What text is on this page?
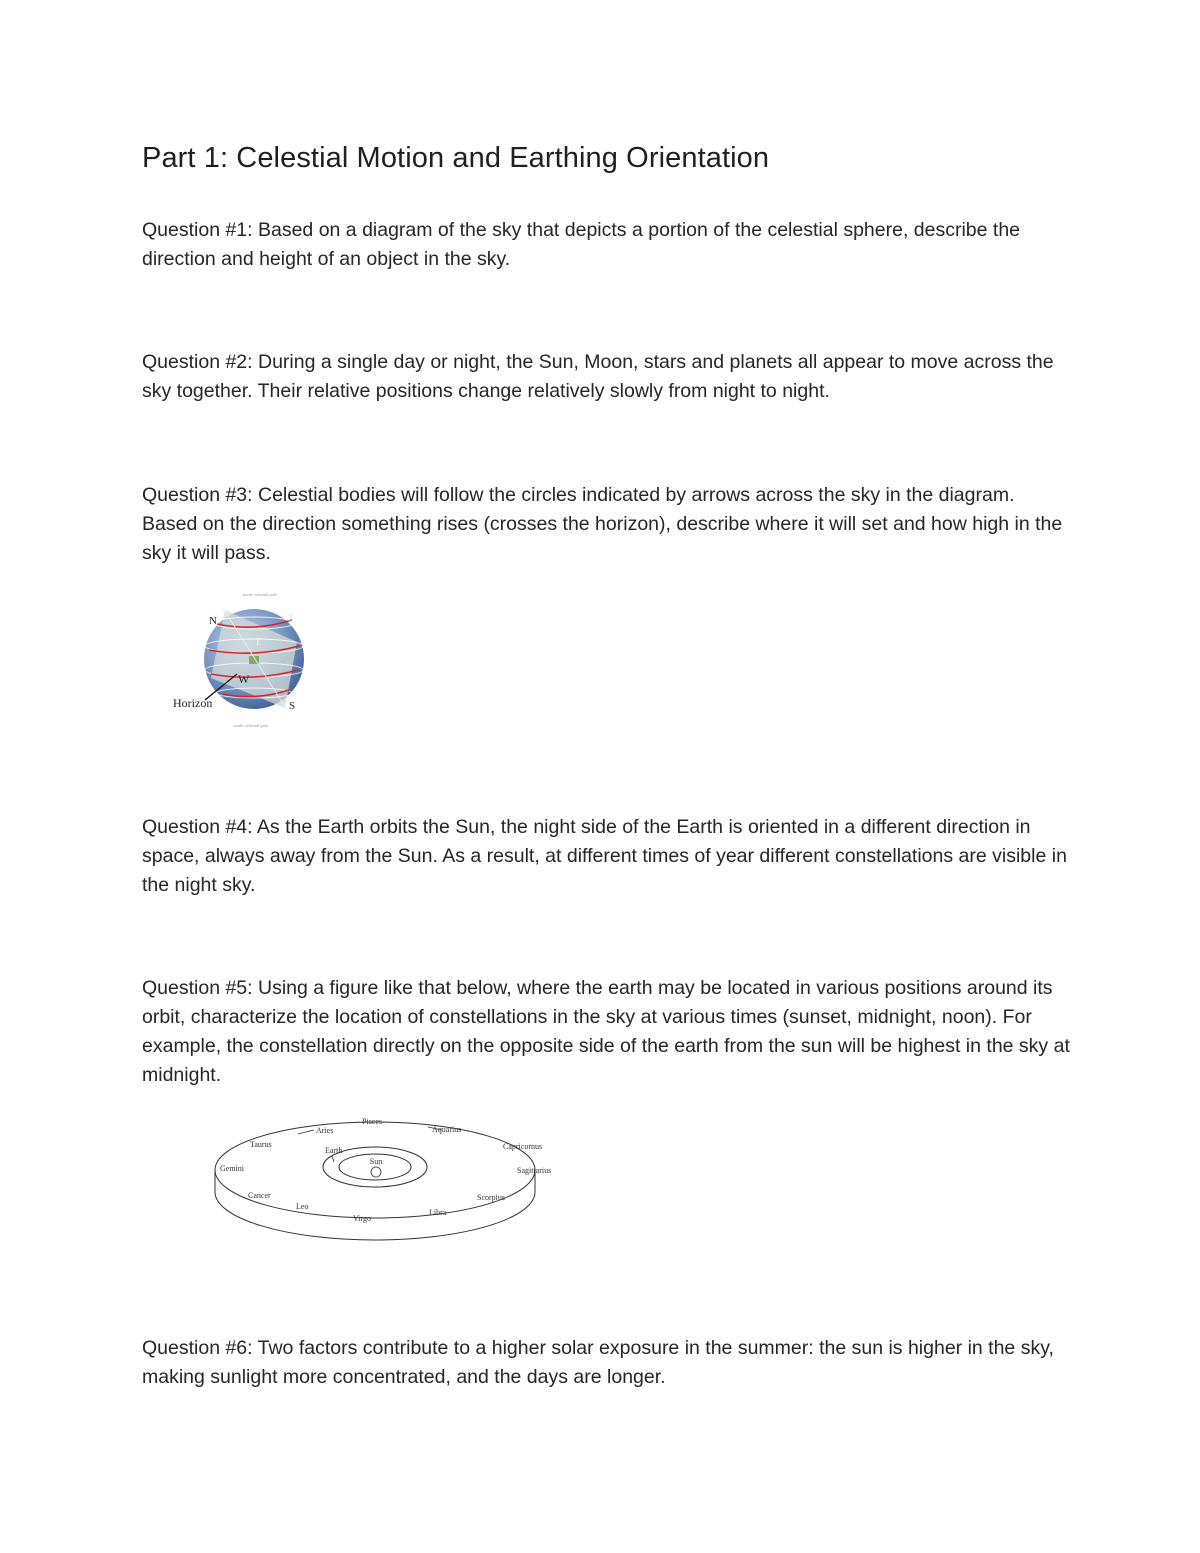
Part 1: Celestial Motion and Earthing Orientation

Question #1: Based on a diagram of the sky that depicts a portion of the celestial sphere, describe the direction and height of an object in the sky.

Question #2: During a single day or night, the Sun, Moon, stars and planets all appear to move across the sky together. Their relative positions change relatively slowly from night to night.

Question #3: Celestial bodies will follow the circles indicated by arrows across the sky in the diagram. Based on the direction something rises (crosses the horizon), describe where it will set and how high in the sky it will pass.

north celestial pole
N	Z
E
W
Horizon	S
south celestial pole

Question #4: As the Earth orbits the Sun, the night side of the Earth is oriented in a different direction in space, always away from the Sun. As a result, at different times of year different constellations are visible in the night sky.

Question #5: Using a figure like that below, where the earth may be located in various positions around its orbit, characterize the location of constellations in the sky at various times (sunset, midnight, noon). For example, the constellation directly on the opposite side of the earth from the sun will be highest in the sky at midnight.

Sun
Earth
Pisces
Aries	Aquarius
Taurus	Capricornus
Gemini	Sagittarius
Cancer	Scorpius
Leo
Libra
Virgo

Question #6: Two factors contribute to a higher solar exposure in the summer: the sun is higher in the sky, making sunlight more concentrated, and the days are longer.
